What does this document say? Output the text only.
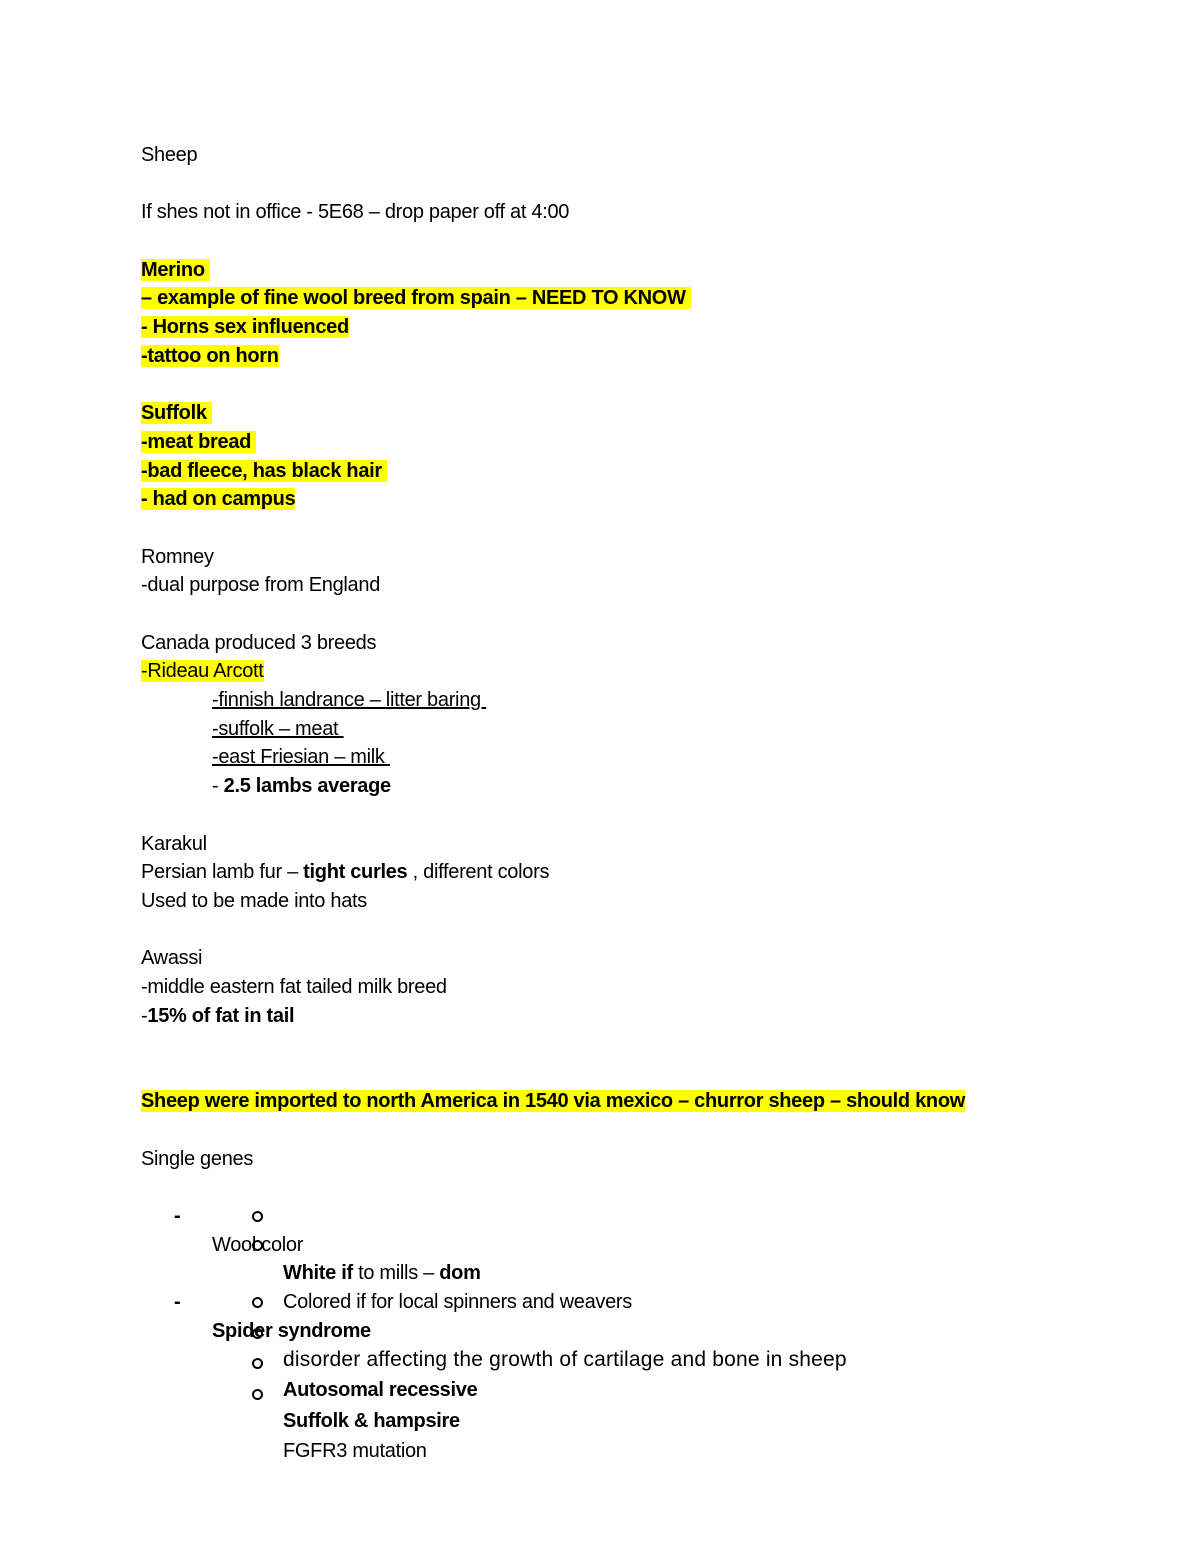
Sheep
If shes not in office - 5E68 – drop paper off at 4:00
Merino
– example of fine wool breed from spain – NEED TO KNOW
- Horns sex influenced
-tattoo on horn
Suffolk
-meat bread
-bad fleece, has black hair
- had on campus
Romney
-dual purpose from England
Canada produced 3 breeds
-Rideau Arcott
-finnish landrance – litter baring
-suffolk – meat
-east Friesian – milk
- 2.5 lambs average
Karakul
Persian lamb fur – tight curles , different colors
Used to be made into hats
Awassi
-middle eastern fat tailed milk breed
-15% of fat in tail
Sheep were imported to north America in 1540 via mexico – churror sheep – should know
Single genes

-

Wool color

White if to mills – dom

Colored if for local spinners and weavers

-

Spider syndrome

disorder affecting the growth of cartilage and bone in sheep

Autosomal recessive

Suffolk & hampsire

FGFR3 mutation
